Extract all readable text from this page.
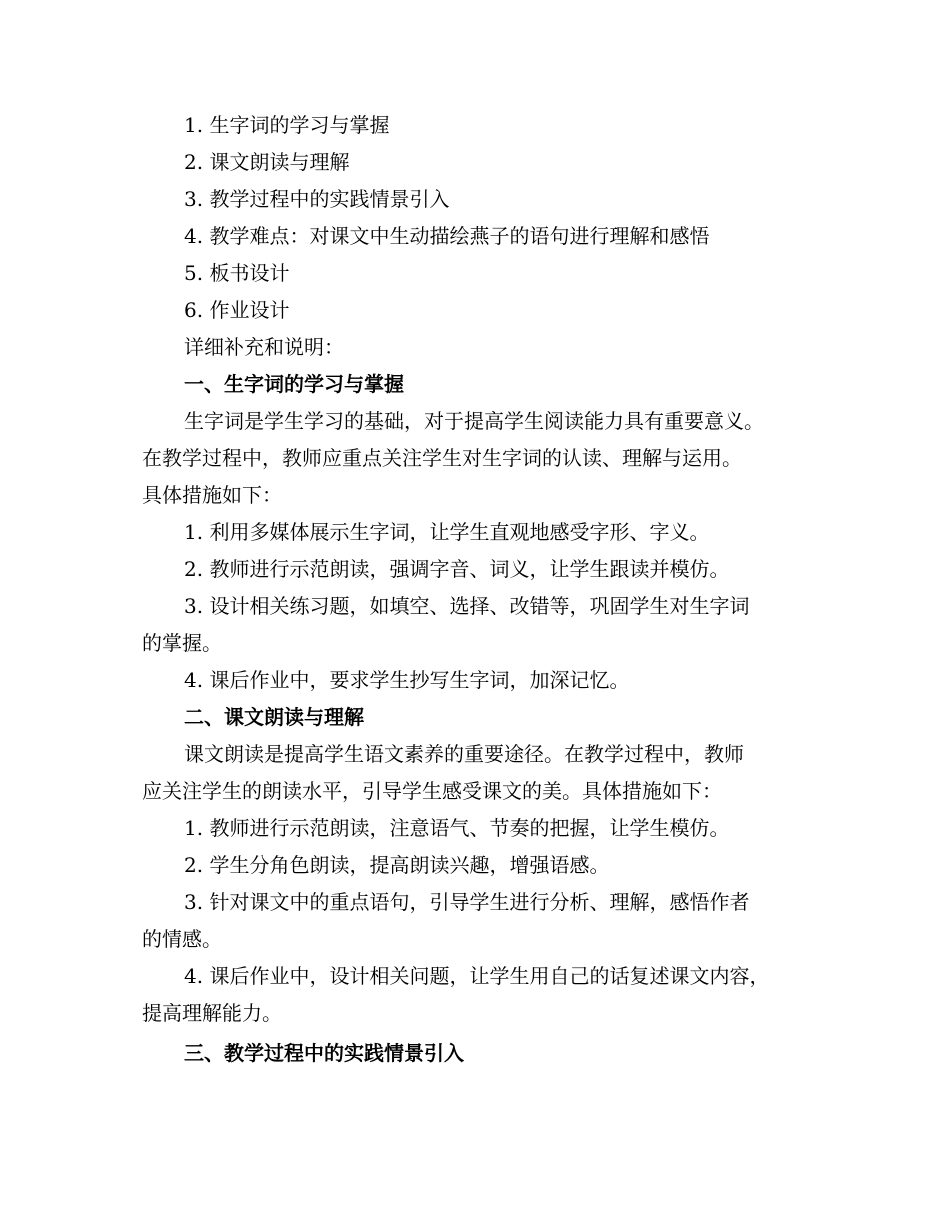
1. 生字词的学习与掌握
2. 课文朗读与理解
3. 教学过程中的实践情景引入
4. 教学难点：对课文中生动描绘燕子的语句进行理解和感悟
5. 板书设计
6. 作业设计
详细补充和说明：
一、生字词的学习与掌握
生字词是学生学习的基础，对于提高学生阅读能力具有重要意义。
在教学过程中，教师应重点关注学生对生字词的认读、理解与运用。
具体措施如下：
1. 利用多媒体展示生字词，让学生直观地感受字形、字义。
2. 教师进行示范朗读，强调字音、词义，让学生跟读并模仿。
3. 设计相关练习题，如填空、选择、改错等，巩固学生对生字词
的掌握。
4. 课后作业中，要求学生抄写生字词，加深记忆。
二、课文朗读与理解
课文朗读是提高学生语文素养的重要途径。在教学过程中，教师
应关注学生的朗读水平，引导学生感受课文的美。具体措施如下：
1. 教师进行示范朗读，注意语气、节奏的把握，让学生模仿。
2. 学生分角色朗读，提高朗读兴趣，增强语感。
3. 针对课文中的重点语句，引导学生进行分析、理解，感悟作者
的情感。
4. 课后作业中，设计相关问题，让学生用自己的话复述课文内容，
提高理解能力。
三、教学过程中的实践情景引入
